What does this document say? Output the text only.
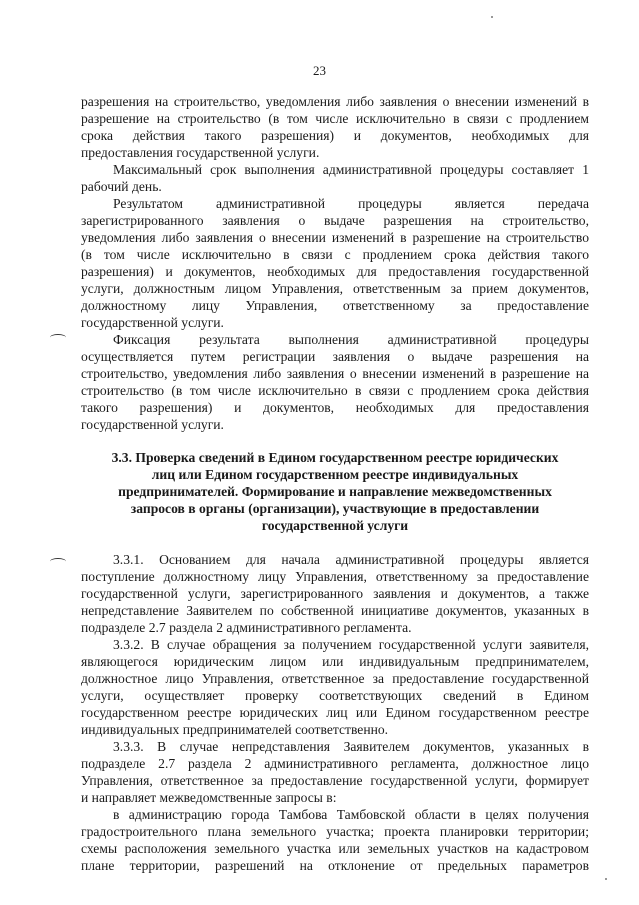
23
разрешения на строительство, уведомления либо заявления о внесении изменений в
разрешение на строительство (в том числе исключительно в связи с продлением
срока действия такого разрешения) и документов, необходимых для
предоставления государственной услуги.
Максимальный срок выполнения административной процедуры составляет 1
рабочий день.
Результатом административной процедуры является передача
зарегистрированного заявления о выдаче разрешения на строительство,
уведомления либо заявления о внесении изменений в разрешение на строительство
(в том числе исключительно в связи с продлением срока действия такого
разрешения) и документов, необходимых для предоставления государственной
услуги, должностным лицом Управления, ответственным за прием документов,
должностному лицу Управления, ответственному за предоставление
государственной услуги.
Фиксация результата выполнения административной процедуры
осуществляется путем регистрации заявления о выдаче разрешения на
строительство, уведомления либо заявления о внесении изменений в разрешение на
строительство (в том числе исключительно в связи с продлением срока действия
такого разрешения) и документов, необходимых для предоставления
государственной услуги.
3.3. Проверка сведений в Едином государственном реестре юридических
лиц или Едином государственном реестре индивидуальных
предпринимателей. Формирование и направление межведомственных
запросов в органы (организации), участвующие в предоставлении
государственной услуги
3.3.1. Основанием для начала административной процедуры является
поступление должностному лицу Управления, ответственному за предоставление
государственной услуги, зарегистрированного заявления и документов, а также
непредставление Заявителем по собственной инициативе документов, указанных в
подразделе 2.7 раздела 2 административного регламента.
3.3.2. В случае обращения за получением государственной услуги заявителя,
являющегося юридическим лицом или индивидуальным предпринимателем,
должностное лицо Управления, ответственное за предоставление государственной
услуги, осуществляет проверку соответствующих сведений в Едином
государственном реестре юридических лиц или Едином государственном реестре
индивидуальных предпринимателей соответственно.
3.3.3. В случае непредставления Заявителем документов, указанных в
подразделе 2.7 раздела 2 административного регламента, должностное лицо
Управления, ответственное за предоставление государственной услуги, формирует
и направляет межведомственные запросы в:
в администрацию города Тамбова Тамбовской области в целях получения
градостроительного плана земельного участка; проекта планировки территории;
схемы расположения земельного участка или земельных участков на кадастровом
плане территории, разрешений на отклонение от предельных параметров
